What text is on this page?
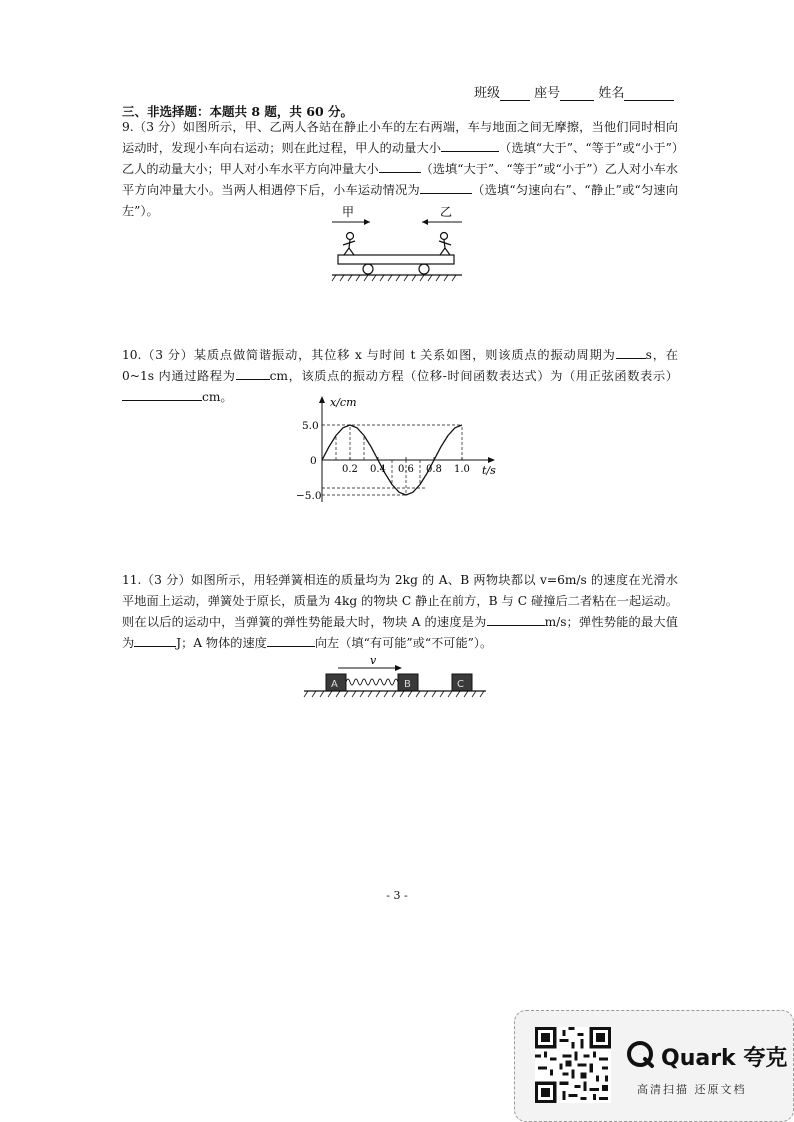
班级	座号	姓名
三、非选择题：本题共 8 题，共 60 分。
9.（3 分）如图所示，甲、乙两人各站在静止小车的左右两端，车与地面之间无摩擦，当他们同时相向运动时，发现小车向右运动；则在此过程，甲人的动量大小	（选填“大于”、“等于”或“小于”）乙人的动量大小；甲人对小车水平方向冲量大小	（选填“大于”、“等于”或“小于”）乙人对小车水平方向冲量大小。当两人相遇停下后，小车运动情况为	（选填“匀速向右”、“静止”或“匀速向左”）。	甲	乙
10.（3 分）某质点做简谐振动，其位移 x 与时间 t 关系如图，则该质点的振动周期为 s，在 0~1s 内通过路程为	cm，该质点的振动方程（位移-时间函数表达式）为（用正弦函数表示）cm。	x/cm
t/s
0
0.2 0.4 0.6 0.8 1.0
5.0
−5.0
11.（3 分）如图所示，用轻弹簧相连的质量均为 2kg 的 A、B 两物块都以 v=6m/s 的速度在光滑水平地面上运动，弹簧处于原长，质量为 4kg 的物块 C 静止在前方，B 与 C 碰撞后二者粘在一起运动。则在以后的运动中，当弹簧的弹性势能最大时，物块 A 的速度是为	m/s；弹性势能的最大值为	J；A 物体的速度	向左（填“有可能”或“不可能”）。
v
A	B	C
- 3 -
Quark 夸克
高清扫描 还原文档
